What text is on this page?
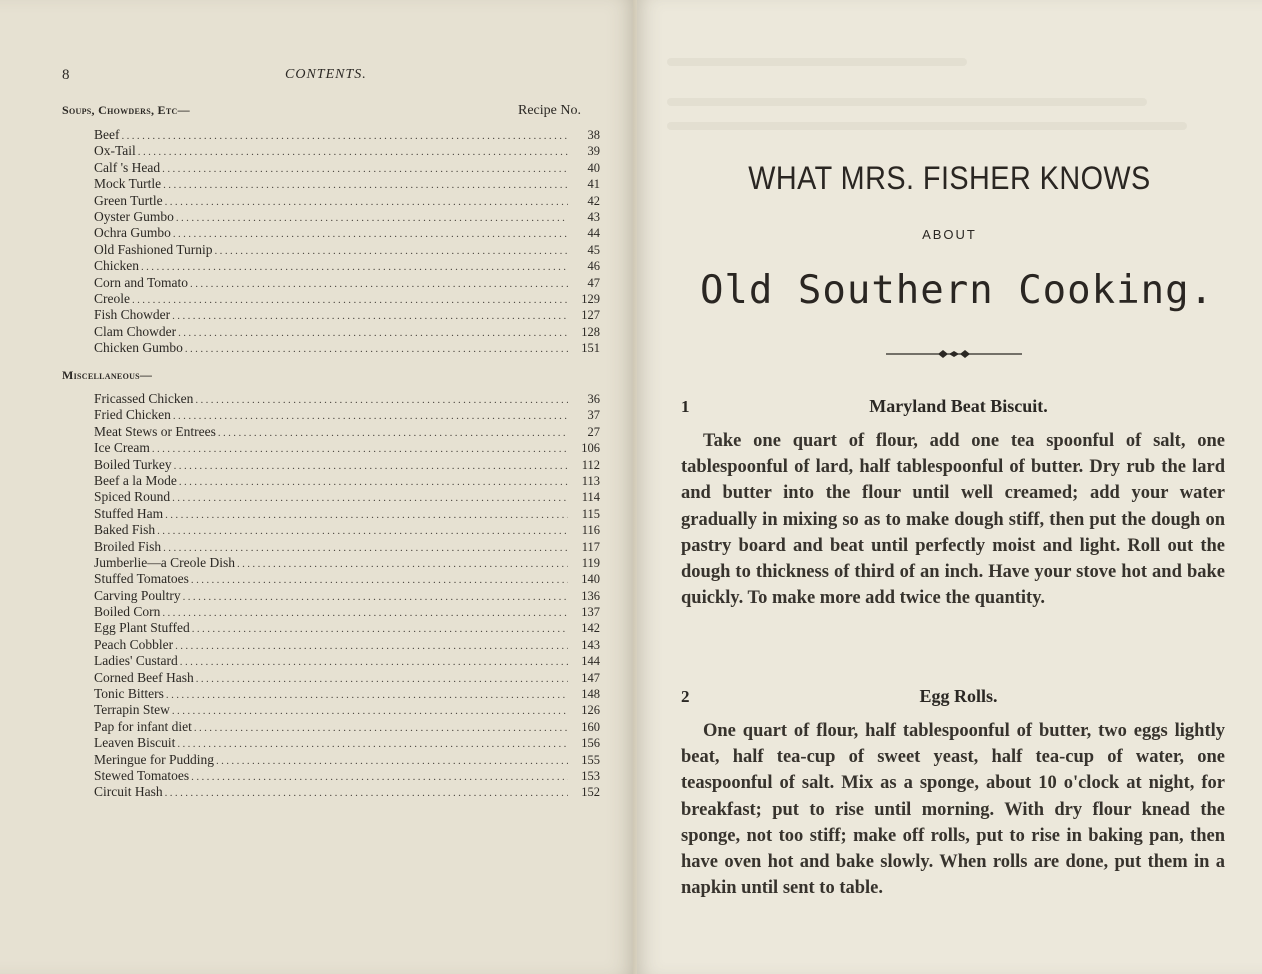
8	CONTENTS.
Soups, Chowders, Etc—	Recipe No.
Beef .....	38
Ox-Tail .....	39
Calf 's Head .....	40
Mock Turtle .....	41
Green Turtle .....	42
Oyster Gumbo .....	43
Ochra Gumbo .....	44
Old Fashioned Turnip .....	45
Chicken .....	46
Corn and Tomato .....	47
Creole .....	129
Fish Chowder .....	127
Clam Chowder .....	128
Chicken Gumbo .....	151
Miscellaneous—
Fricassed Chicken .....	36
Fried Chicken .....	37
Meat Stews or Entrees .....	27
Ice Cream .....	106
Boiled Turkey .....	112
Beef a la Mode .....	113
Spiced Round .....	114
Stuffed Ham .....	115
Baked Fish .....	116
Broiled Fish .....	117
Jumberlie—a Creole Dish .....	119
Stuffed Tomatoes .....	140
Carving Poultry .....	136
Boiled Corn .....	137
Egg Plant Stuffed .....	142
Peach Cobbler .....	143
Ladies' Custard .....	144
Corned Beef Hash .....	147
Tonic Bitters .....	148
Terrapin Stew .....	126
Pap for infant diet .....	160
Leaven Biscuit .....	156
Meringue for Pudding .....	155
Stewed Tomatoes .....	153
Circuit Hash .....	152
WHAT MRS. FISHER KNOWS
ABOUT
Old Southern Cooking.
1	Maryland Beat Biscuit.

Take one quart of flour, add one tea spoonful of salt, one tablespoonful of lard, half tablespoonful of butter. Dry rub the lard and butter into the flour until well creamed; add your water gradually in mixing so as to make dough stiff, then put the dough on pastry board and beat until perfectly moist and light. Roll out the dough to thickness of third of an inch. Have your stove hot and bake quickly. To make more add twice the quantity.

2	Egg Rolls.

One quart of flour, half tablespoonful of butter, two eggs lightly beat, half tea-cup of sweet yeast, half tea-cup of water, one teaspoonful of salt. Mix as a sponge, about 10 o'clock at night, for breakfast; put to rise until morning. With dry flour knead the sponge, not too stiff; make off rolls, put to rise in baking pan, then have oven hot and bake slowly. When rolls are done, put them in a napkin until sent to table.
